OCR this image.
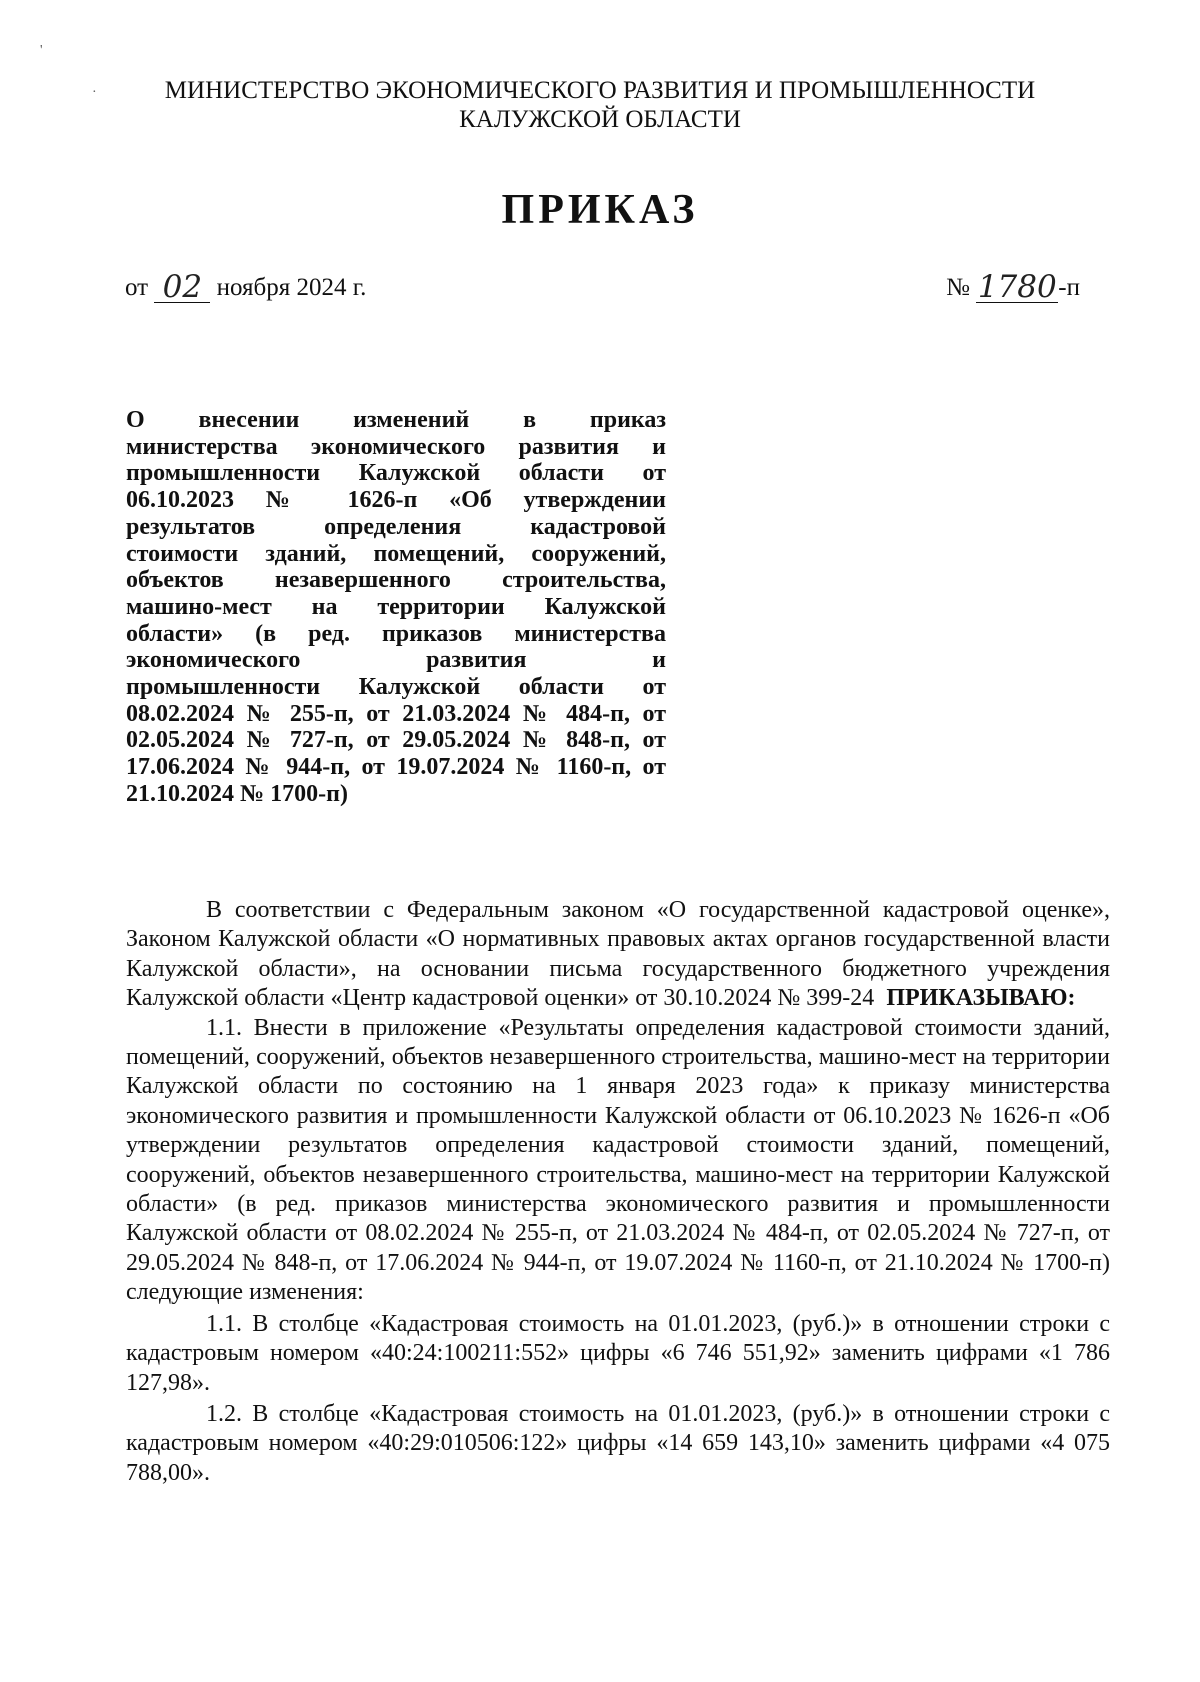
'
·	МИНИСТЕРСТВО ЭКОНОМИЧЕСКОГО РАЗВИТИЯ И ПРОМЫШЛЕННОСТИ
КАЛУЖСКОЙ ОБЛАСТИ
ПРИКАЗ
от 02 ноября 2024 г.	№ 1780-п
О внесении изменений в приказ
министерства экономического развития и
промышленности Калужской области от
06.10.2023 № 1626-п «Об утверждении
результатов определения кадастровой
стоимости зданий, помещений, сооружений,
объектов незавершенного строительства,
машино-мест на территории Калужской
области» (в ред. приказов министерства
экономического развития и
промышленности Калужской области от
08.02.2024 № 255-п, от 21.03.2024 № 484-п, от
02.05.2024 № 727-п, от 29.05.2024 № 848-п, от
17.06.2024 № 944-п, от 19.07.2024 № 1160-п, от
21.10.2024 № 1700-п)

В соответствии с Федеральным законом «О государственной кадастровой оценке», Законом Калужской области «О нормативных правовых актах органов государственной власти Калужской области», на основании письма государственного бюджетного учреждения Калужской области «Центр кадастровой оценки» от 30.10.2024 № 399-24 ПРИКАЗЫВАЮ:

1.1. Внести в приложение «Результаты определения кадастровой стоимости зданий, помещений, сооружений, объектов незавершенного строительства, машино-мест на территории Калужской области по состоянию на 1 января 2023 года» к приказу министерства экономического развития и промышленности Калужской области от 06.10.2023 № 1626-п «Об утверждении результатов определения кадастровой стоимости зданий, помещений, сооружений, объектов незавершенного строительства, машино-мест на территории Калужской области» (в ред. приказов министерства экономического развития и промышленности Калужской области от 08.02.2024 № 255-п, от 21.03.2024 № 484-п, от 02.05.2024 № 727-п, от 29.05.2024 № 848-п, от 17.06.2024 № 944-п, от 19.07.2024 № 1160-п, от 21.10.2024 № 1700-п) следующие изменения:

1.1. В столбце «Кадастровая стоимость на 01.01.2023, (руб.)» в отношении строки с кадастровым номером «40:24:100211:552» цифры «6 746 551,92» заменить цифрами «1 786 127,98».

1.2. В столбце «Кадастровая стоимость на 01.01.2023, (руб.)» в отношении строки с кадастровым номером «40:29:010506:122» цифры «14 659 143,10» заменить цифрами «4 075 788,00».
